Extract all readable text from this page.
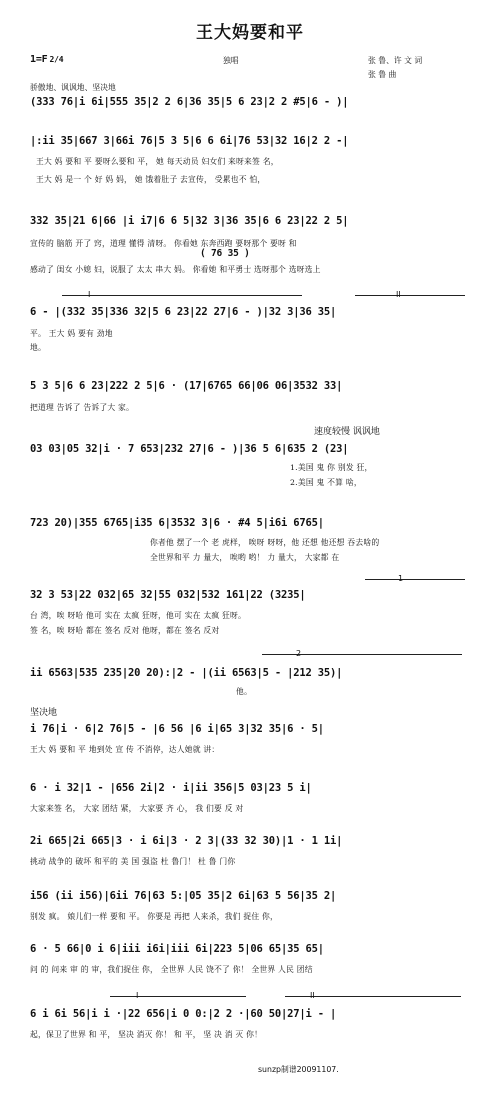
王大妈要和平
1=F 2/4	独唱	张 鲁、许 文 词
张 鲁 曲
骄傲地、讽讽地、坚决地
(333 76|i 6i|555 35|2 2 6|36 35|5 6 23|2 2 #5|6 - )|
|:ii 35|667 3|66i 76|5 3 5|6 6 6i|76 53|32 16|2 2 -|
王大 妈 要和 平 要呀么要和 平， 她 每天动员 妇女们 来呀来签 名，
王大 妈 是一 个 好 妈 妈， 她 饿着肚子 去宣传， 受累也不 怕，
332 35|21 6|66 |i i7|6 6 5|32 3|36 35|6 6 23|22 2 5|
宣传的 脑筋 开了 窍，道理 懂得 清呀。 你看她 东奔西跑 要呀那个 要呀 和
( 76 35 )
感动了 闺女 小媳 妇，说服了 太太 串大 妈。 你看她 和平勇士 选呀那个 选呀选上
I	II
6 - |(332 35|336 32|5 6 23|22 27|6 - )|32 3|36 35|
平。 王大 妈 要有 劲地
地。
5 3 5|6 6 23|222 2 5|6 · (17|6765 66|06 06|3532 33|
把道理 告诉了 告诉了大 家。
速度较慢 讽讽地
03 03|05 32|i · 7 653|232 27|6 - )|36 5 6|635 2 (23|
1.美国 鬼 你 别发 狂，
2.美国 鬼 不算 啥，
723 20)|355 6765|i35 6|3532 3|6 · #4 5|i6i 6765|
你者他 摆了一个 老 虎样， 唉呀 呀呀，他 还想 他还想 吞去啥的
全世界和平 力 量大， 唉哟 哟！ 力 量大， 大家都 在
1
32 3 53|22 032|65 32|55 032|532 161|22 (3235|
台 湾，唉 呀哈 他可 实在 太疯 狂呀，他可 实在 太疯 狂呀。
签 名，唉 呀哈 都在 签名 反对 他呀，都在 签名 反对
2
ii 6563|535 235|20 20):|2 - |(ii 6563|5 - |212 35)|
他。
坚决地
i 76|i · 6|2 76|5 - |6 56 |6 i|65 3|32 35|6 · 5|
王大 妈 要和 平 地到处 宣 传 不消停，达人她就 讲：
6 · i 32|1 - |656 2i|2 · i|ii 356|5 03|23 5 i|
大家来签 名， 大家 团结 紧， 大家要 齐 心， 我 们要 反 对
2i 665|2i 665|3 · i 6i|3 · 2 3|(33 32 30)|1 · 1 1i|
挑动 战争的 破坏 和平的 美 国 强盗 杜 鲁门！ 杜 鲁 门你
i56 (ii i56)|6ii 76|63 5:|05 35|2 6i|63 5 56|35 2|
别发 疯。 娘儿们一样 要和 平。 你要是 再把 人来杀，我们 捉住 你，
6 · 5 66|0 i 6|iii i6i|iii 6i|223 5|06 65|35 65|
问 的 问来 审 的 审，我们捉住 你， 全世界 人民 饶不了 你！ 全世界 人民 团结
I	II
6 i 6i 56|i i ·|22 656|i 0 0:|2 2 ·|60 50|27|i - |
起，保卫了世界 和 平， 坚决 消灭 你！ 和 平， 坚 决 消 灭 你！
sunzp制谱20091107.
